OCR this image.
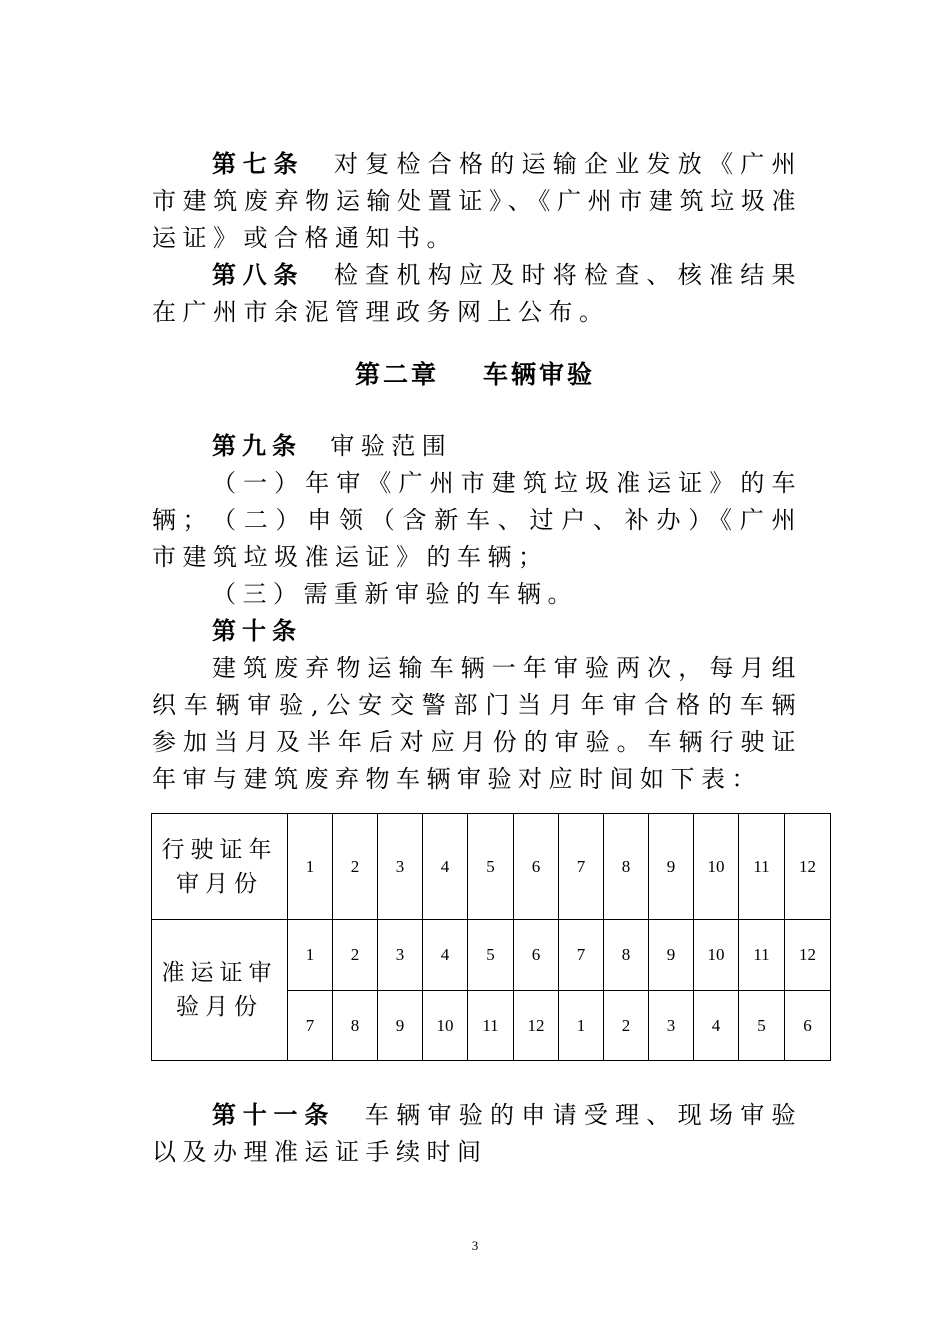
第七条 对复检合格的运输企业发放《广州市建筑废弃物运输处置证》、《广州市建筑垃圾准运证》或合格通知书。

第八条 检查机构应及时将检查、核准结果在广州市余泥管理政务网上公布。

第二章 车辆审验

第九条 审验范围

（一）年审《广州市建筑垃圾准运证》的车辆； （二）申领（含新车、过户、补办）《广州市建筑垃圾准运证》的车辆；

（三）需重新审验的车辆。

第十条

建筑废弃物运输车辆一年审验两次，每月组织车辆审验,公安交警部门当月年审合格的车辆参加当月及半年后对应月份的审验。车辆行驶证年审与建筑废弃物车辆审验对应时间如下表：

行驶证年审月份	1	2	3	4	5	6	7	8	9	10	11	12
准运证审验月份	1	2	3	4	5	6	7	8	9	10	11	12
	7	8	9	10	11	12	1	2	3	4	5	6

第十一条 车辆审验的申请受理、现场审验以及办理准运证手续时间

3
